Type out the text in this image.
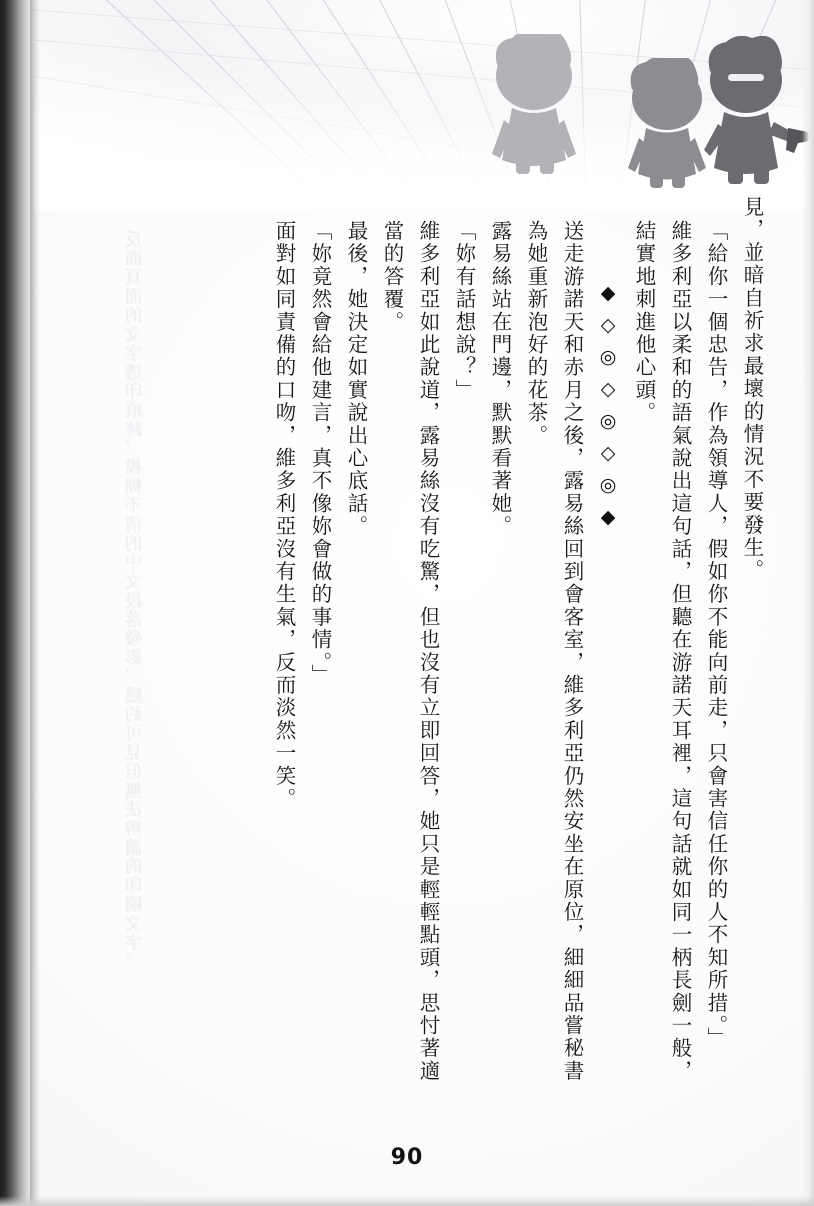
見，並暗自祈求最壞的情況不要發生。
「給你一個忠告，作為領導人，假如你不能向前走，只會害信任你的人不知所措。」
維多利亞以柔和的語氣說出這句話，但聽在游諾天耳裡，這句話就如同一柄長劍一般，結實地刺進他心頭。
◆◇◎◇◎◇◎◆
送走游諾天和赤月之後，露易絲回到會客室，維多利亞仍然安坐在原位，細細品嘗秘書為她重新泡好的花茶。
露易絲站在門邊，默默看著她。
「妳有話想說？」
維多利亞如此說道，露易絲沒有吃驚，但也沒有立即回答，她只是輕輕點頭，思忖著適當的答覆。
最後，她決定如實說出心底話。
「妳竟然會給他建言，真不像妳會做的事情。」
面對如同責備的口吻，維多利亞沒有生氣，反而淡然一笑。
90
